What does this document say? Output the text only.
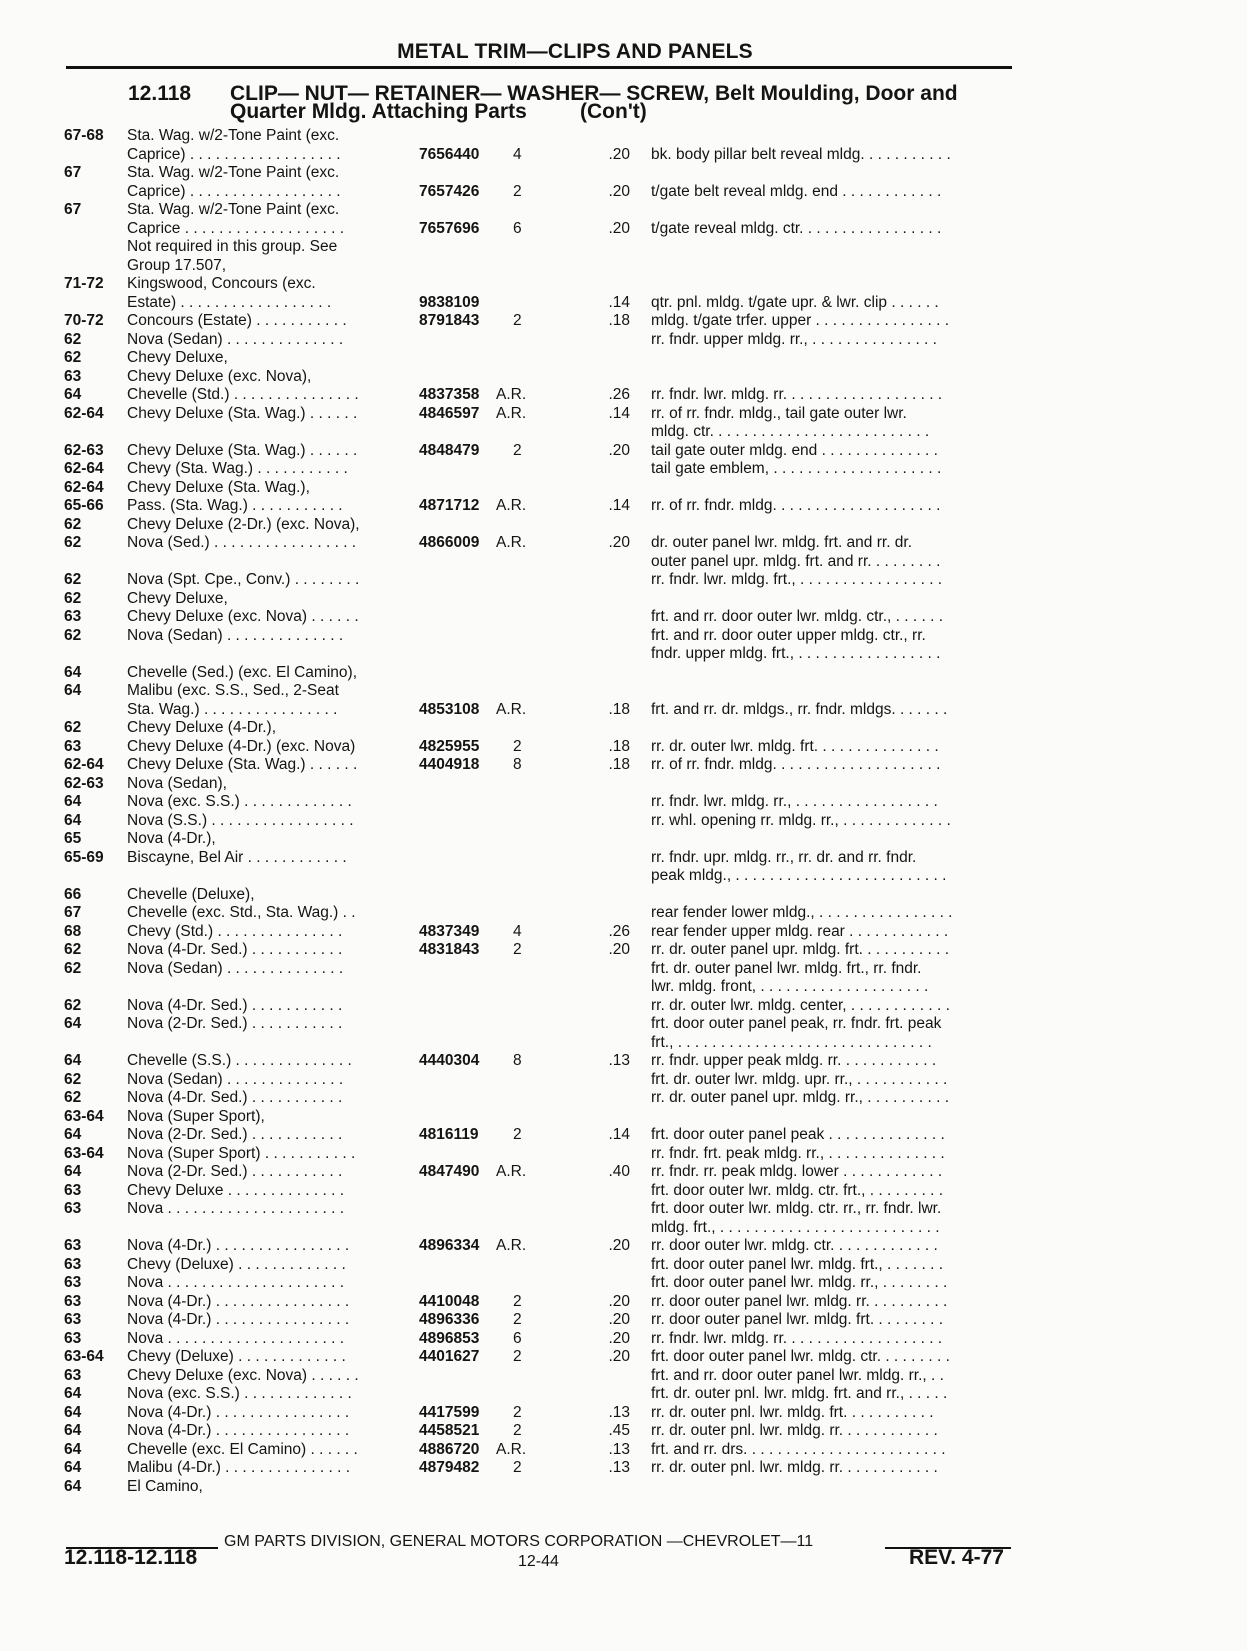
METAL TRIM—CLIPS AND PANELS
12.118 CLIP— NUT— RETAINER— WASHER— SCREW, Belt Moulding, Door and
Quarter Mldg. Attaching Parts	(Con't)
67-68	Sta. Wag. w/2-Tone Paint (exc.
Caprice) . . . . . . . . . . . . . . . . . .	7656440 4	.20 bk. body pillar belt reveal mldg. . . . . . . . . . .
67	Sta. Wag. w/2-Tone Paint (exc.
Caprice) . . . . . . . . . . . . . . . . . .	7657426 2	.20 t/gate belt reveal mldg. end . . . . . . . . . . . .
67	Sta. Wag. w/2-Tone Paint (exc.
Caprice . . . . . . . . . . . . . . . . . . .	7657696 6	.20 t/gate reveal mldg. ctr. . . . . . . . . . . . . . . . .
Not required in this group. See
Group 17.507,
71-72	Kingswood, Concours (exc.
Estate) . . . . . . . . . . . . . . . . . .	9838109	.14 qtr. pnl. mldg. t/gate upr. & lwr. clip . . . . . .
70-72	Concours (Estate) . . . . . . . . . . .	8791843 2	.18 mldg. t/gate trfer. upper . . . . . . . . . . . . . . . .
62	Nova (Sedan) . . . . . . . . . . . . . .	rr. fndr. upper mldg. rr., . . . . . . . . . . . . . . .
62	Chevy Deluxe,
63	Chevy Deluxe (exc. Nova),
64	Chevelle (Std.) . . . . . . . . . . . . . . .	4837358 A.R.	.26 rr. fndr. lwr. mldg. rr. . . . . . . . . . . . . . . . . . .
62-64	Chevy Deluxe (Sta. Wag.) . . . . . .	4846597 A.R.	.14 rr. of rr. fndr. mldg., tail gate outer lwr.
mldg. ctr. . . . . . . . . . . . . . . . . . . . . . . . . .
62-63	Chevy Deluxe (Sta. Wag.) . . . . . .	4848479 2	.20 tail gate outer mldg. end . . . . . . . . . . . . . .
62-64	Chevy (Sta. Wag.) . . . . . . . . . . .	tail gate emblem, . . . . . . . . . . . . . . . . . . . .
62-64	Chevy Deluxe (Sta. Wag.),
65-66	Pass. (Sta. Wag.) . . . . . . . . . . .	4871712 A.R.	.14 rr. of rr. fndr. mldg. . . . . . . . . . . . . . . . . . . .
62	Chevy Deluxe (2-Dr.) (exc. Nova),
62	Nova (Sed.) . . . . . . . . . . . . . . . . .	4866009 A.R.	.20 dr. outer panel lwr. mldg. frt. and rr. dr.
outer panel upr. mldg. frt. and rr. . . . . . . . .
62	Nova (Spt. Cpe., Conv.) . . . . . . . .	rr. fndr. lwr. mldg. frt., . . . . . . . . . . . . . . . . .
62	Chevy Deluxe,
63	Chevy Deluxe (exc. Nova) . . . . . .	frt. and rr. door outer lwr. mldg. ctr., . . . . . .
62	Nova (Sedan) . . . . . . . . . . . . . .	frt. and rr. door outer upper mldg. ctr., rr.
fndr. upper mldg. frt., . . . . . . . . . . . . . . . . .
64	Chevelle (Sed.) (exc. El Camino),
64	Malibu (exc. S.S., Sed., 2-Seat
Sta. Wag.) . . . . . . . . . . . . . . . .	4853108 A.R.	.18 frt. and rr. dr. mldgs., rr. fndr. mldgs. . . . . . .
62	Chevy Deluxe (4-Dr.),
63	Chevy Deluxe (4-Dr.) (exc. Nova)	4825955 2	.18 rr. dr. outer lwr. mldg. frt. . . . . . . . . . . . . . .
62-64	Chevy Deluxe (Sta. Wag.) . . . . . .	4404918 8	.18 rr. of rr. fndr. mldg. . . . . . . . . . . . . . . . . . . .
62-63	Nova (Sedan),
64	Nova (exc. S.S.) . . . . . . . . . . . . .	rr. fndr. lwr. mldg. rr., . . . . . . . . . . . . . . . . .
64	Nova (S.S.) . . . . . . . . . . . . . . . . .	rr. whl. opening rr. mldg. rr., . . . . . . . . . . . . .
65	Nova (4-Dr.),
65-69	Biscayne, Bel Air . . . . . . . . . . . .	rr. fndr. upr. mldg. rr., rr. dr. and rr. fndr.
peak mldg., . . . . . . . . . . . . . . . . . . . . . . . . .
66	Chevelle (Deluxe),
67	Chevelle (exc. Std., Sta. Wag.) . .	rear fender lower mldg., . . . . . . . . . . . . . . . .
68	Chevy (Std.) . . . . . . . . . . . . . . .	4837349 4	.26 rear fender upper mldg. rear . . . . . . . . . . . .
62	Nova (4-Dr. Sed.) . . . . . . . . . . .	4831843 2	.20 rr. dr. outer panel upr. mldg. frt. . . . . . . . . . .
62	Nova (Sedan) . . . . . . . . . . . . . .	frt. dr. outer panel lwr. mldg. frt., rr. fndr.
lwr. mldg. front, . . . . . . . . . . . . . . . . . . . .
62	Nova (4-Dr. Sed.) . . . . . . . . . . .	rr. dr. outer lwr. mldg. center, . . . . . . . . . . . .
64	Nova (2-Dr. Sed.) . . . . . . . . . . .	frt. door outer panel peak, rr. fndr. frt. peak
frt., . . . . . . . . . . . . . . . . . . . . . . . . . . . . . .
64	Chevelle (S.S.) . . . . . . . . . . . . . .	4440304 8	.13 rr. fndr. upper peak mldg. rr. . . . . . . . . . . .
62	Nova (Sedan) . . . . . . . . . . . . . .	frt. dr. outer lwr. mldg. upr. rr., . . . . . . . . . . .
62	Nova (4-Dr. Sed.) . . . . . . . . . . .	rr. dr. outer panel upr. mldg. rr., . . . . . . . . . .
63-64	Nova (Super Sport),
64	Nova (2-Dr. Sed.) . . . . . . . . . . .	4816119 2	.14 frt. door outer panel peak . . . . . . . . . . . . . .
63-64	Nova (Super Sport) . . . . . . . . . . .	rr. fndr. frt. peak mldg. rr., . . . . . . . . . . . . . .
64	Nova (2-Dr. Sed.) . . . . . . . . . . .	4847490 A.R.	.40 rr. fndr. rr. peak mldg. lower . . . . . . . . . . . .
63	Chevy Deluxe . . . . . . . . . . . . . .	frt. door outer lwr. mldg. ctr. frt., . . . . . . . . .
63	Nova . . . . . . . . . . . . . . . . . . . . .	frt. door outer lwr. mldg. ctr. rr., rr. fndr. lwr.
mldg. frt., . . . . . . . . . . . . . . . . . . . . . . . . . .
63	Nova (4-Dr.) . . . . . . . . . . . . . . . .	4896334 A.R.	.20 rr. door outer lwr. mldg. ctr. . . . . . . . . . . . .
63	Chevy (Deluxe) . . . . . . . . . . . . .	frt. door outer panel lwr. mldg. frt., . . . . . . .
63	Nova . . . . . . . . . . . . . . . . . . . . .	frt. door outer panel lwr. mldg. rr., . . . . . . . .
63	Nova (4-Dr.) . . . . . . . . . . . . . . . .	4410048 2	.20 rr. door outer panel lwr. mldg. rr. . . . . . . . . .
63	Nova (4-Dr.) . . . . . . . . . . . . . . . .	4896336 2	.20 rr. door outer panel lwr. mldg. frt. . . . . . . . .
63	Nova . . . . . . . . . . . . . . . . . . . . .	4896853 6	.20 rr. fndr. lwr. mldg. rr. . . . . . . . . . . . . . . . . . .
63-64	Chevy (Deluxe) . . . . . . . . . . . . .	4401627 2	.20 frt. door outer panel lwr. mldg. ctr. . . . . . . . .
63	Chevy Deluxe (exc. Nova) . . . . . .	frt. and rr. door outer panel lwr. mldg. rr., . .
64	Nova (exc. S.S.) . . . . . . . . . . . . .	frt. dr. outer pnl. lwr. mldg. frt. and rr., . . . . .
64	Nova (4-Dr.) . . . . . . . . . . . . . . . .	4417599 2	.13 rr. dr. outer pnl. lwr. mldg. frt. . . . . . . . . . .
64	Nova (4-Dr.) . . . . . . . . . . . . . . . .	4458521 2	.45 rr. dr. outer pnl. lwr. mldg. rr. . . . . . . . . . . .
64	Chevelle (exc. El Camino) . . . . . .	4886720 A.R.	.13 frt. and rr. drs. . . . . . . . . . . . . . . . . . . . . . . .
64	Malibu (4-Dr.) . . . . . . . . . . . . . . .	4879482 2	.13 rr. dr. outer pnl. lwr. mldg. rr. . . . . . . . . . . .
64	El Camino,
GM PARTS DIVISION, GENERAL MOTORS CORPORATION —CHEVROLET—11
12.118-12.118	12-44	REV. 4-77
